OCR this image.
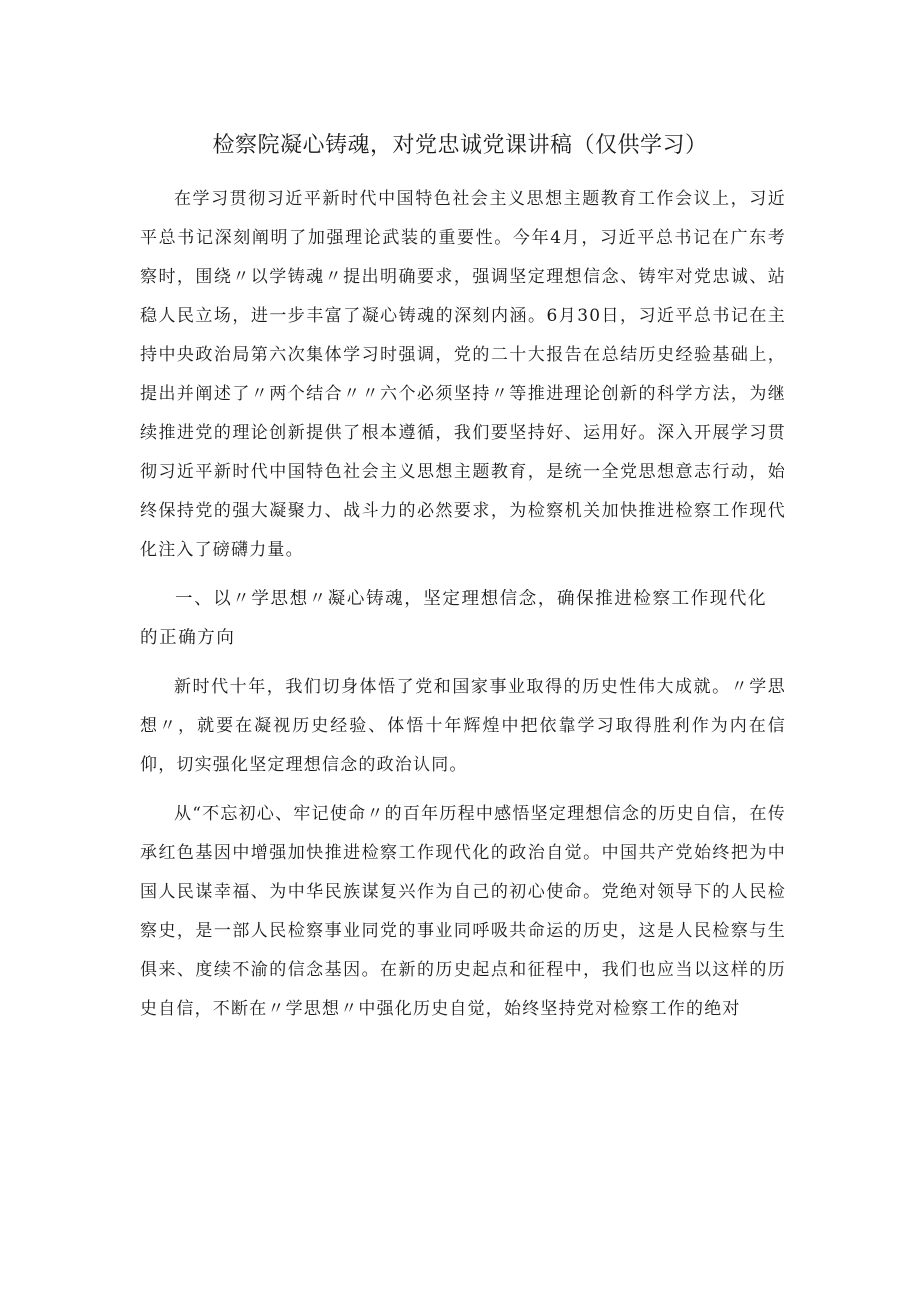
检察院凝心铸魂，对党忠诚党课讲稿（仅供学习）

在学习贯彻习近平新时代中国特色社会主义思想主题教育工作会议上，习近平总书记深刻阐明了加强理论武装的重要性。今年4月，习近平总书记在广东考察时，围绕〃以学铸魂〃提出明确要求，强调坚定理想信念、铸牢对党忠诚、站稳人民立场，进一步丰富了凝心铸魂的深刻内涵。6月30日，习近平总书记在主持中央政治局第六次集体学习时强调，党的二十大报告在总结历史经验基础上，提出并阐述了〃两个结合〃〃六个必须坚持〃等推进理论创新的科学方法，为继续推进党的理论创新提供了根本遵循，我们要坚持好、运用好。深入开展学习贯彻习近平新时代中国特色社会主义思想主题教育，是统一全党思想意志行动，始终保持党的强大凝聚力、战斗力的必然要求，为检察机关加快推进检察工作现代化注入了磅礴力量。

一、以〃学思想〃凝心铸魂，坚定理想信念，确保推进检察工作现代化的正确方向

新时代十年，我们切身体悟了党和国家事业取得的历史性伟大成就。〃学思想〃，就要在凝视历史经验、体悟十年辉煌中把依靠学习取得胜利作为内在信仰，切实强化坚定理想信念的政治认同。

从“不忘初心、牢记使命〃的百年历程中感悟坚定理想信念的历史自信，在传承红色基因中增强加快推进检察工作现代化的政治自觉。中国共产党始终把为中国人民谋幸福、为中华民族谋复兴作为自己的初心使命。党绝对领导下的人民检察史，是一部人民检察事业同党的事业同呼吸共命运的历史，这是人民检察与生俱来、度续不渝的信念基因。在新的历史起点和征程中，我们也应当以这样的历史自信，不断在〃学思想〃中强化历史自觉，始终坚持党对检察工作的绝对
